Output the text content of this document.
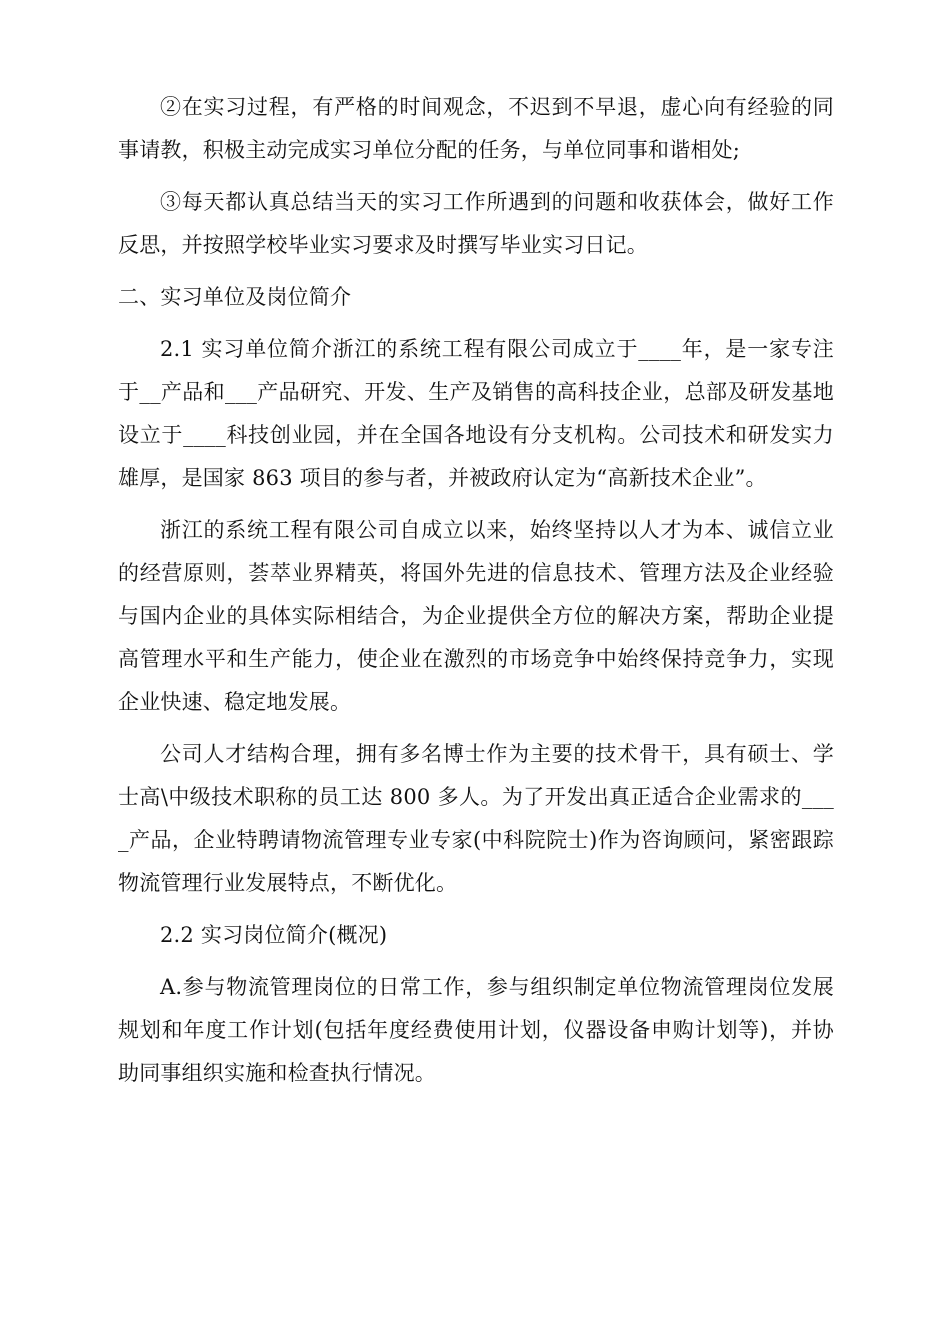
②在实习过程，有严格的时间观念，不迟到不早退，虚心向有经验的同事请教，积极主动完成实习单位分配的任务，与单位同事和谐相处;

③每天都认真总结当天的实习工作所遇到的问题和收获体会，做好工作反思，并按照学校毕业实习要求及时撰写毕业实习日记。

二、实习单位及岗位简介

2.1 实习单位简介浙江的系统工程有限公司成立于____年，是一家专注于__产品和___产品研究、开发、生产及销售的高科技企业，总部及研发基地设立于____科技创业园，并在全国各地设有分支机构。公司技术和研发实力雄厚，是国家 863 项目的参与者，并被政府认定为“高新技术企业”。

浙江的系统工程有限公司自成立以来，始终坚持以人才为本、诚信立业的经营原则，荟萃业界精英，将国外先进的信息技术、管理方法及企业经验与国内企业的具体实际相结合，为企业提供全方位的解决方案，帮助企业提高管理水平和生产能力，使企业在激烈的市场竞争中始终保持竞争力，实现企业快速、稳定地发展。

公司人才结构合理，拥有多名博士作为主要的技术骨干，具有硕士、学士高\中级技术职称的员工达 800 多人。为了开发出真正适合企业需求的____产品，企业特聘请物流管理专业专家(中科院院士)作为咨询顾问，紧密跟踪物流管理行业发展特点，不断优化。

2.2 实习岗位简介(概况)

A.参与物流管理岗位的日常工作，参与组织制定单位物流管理岗位发展规划和年度工作计划(包括年度经费使用计划，仪器设备申购计划等)，并协助同事组织实施和检查执行情况。
